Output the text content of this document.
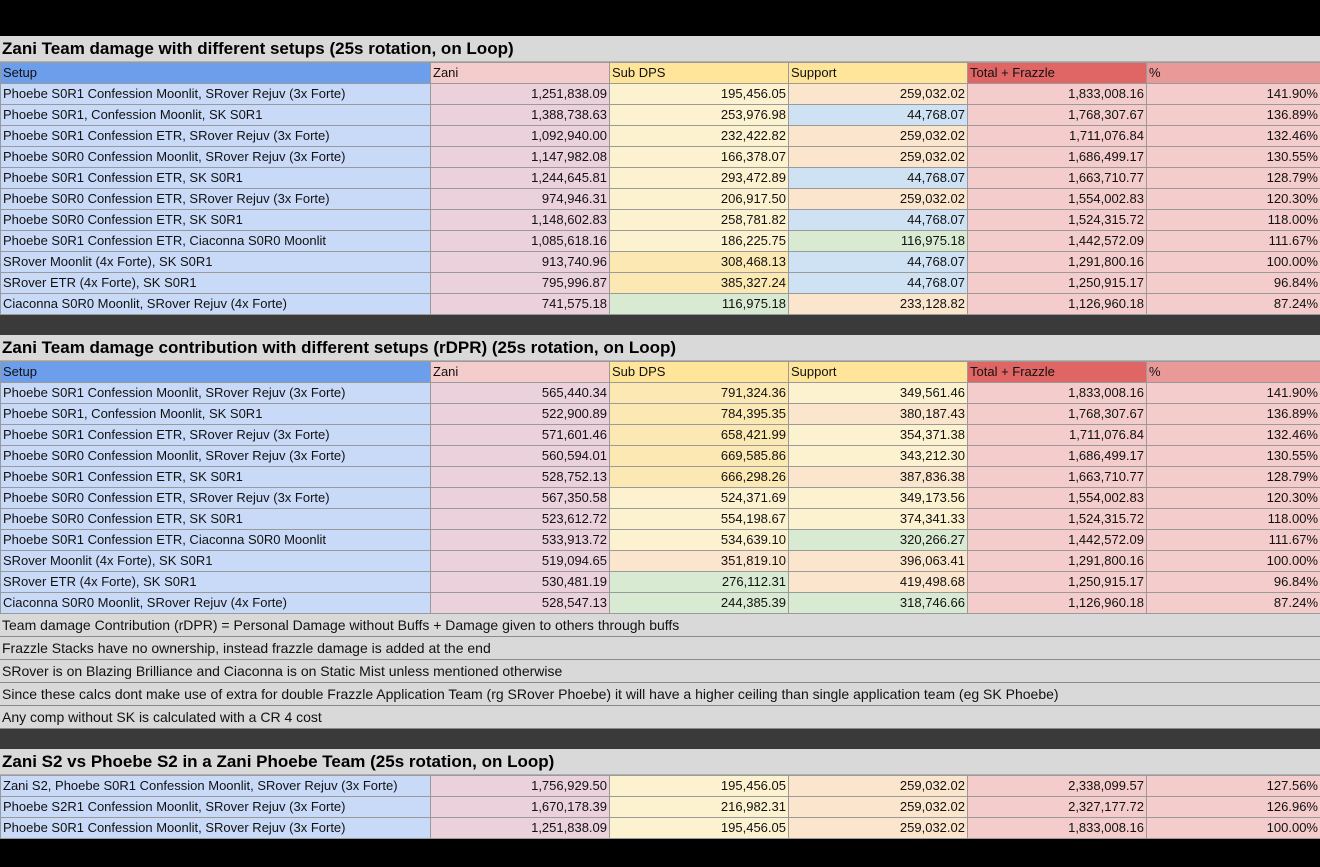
Zani Team damage with different setups (25s rotation, on Loop)
Setup	Zani	Sub DPS	Support	Total + Frazzle	%
Phoebe S0R1 Confession Moonlit, SRover Rejuv (3x Forte)	1,251,838.09	195,456.05	259,032.02	1,833,008.16	141.90%
Phoebe S0R1, Confession Moonlit, SK S0R1	1,388,738.63	253,976.98	44,768.07	1,768,307.67	136.89%
Phoebe S0R1 Confession ETR, SRover Rejuv (3x Forte)	1,092,940.00	232,422.82	259,032.02	1,711,076.84	132.46%
Phoebe S0R0 Confession Moonlit, SRover Rejuv (3x Forte)	1,147,982.08	166,378.07	259,032.02	1,686,499.17	130.55%
Phoebe S0R1 Confession ETR, SK S0R1	1,244,645.81	293,472.89	44,768.07	1,663,710.77	128.79%
Phoebe S0R0 Confession ETR, SRover Rejuv (3x Forte)	974,946.31	206,917.50	259,032.02	1,554,002.83	120.30%
Phoebe S0R0 Confession ETR, SK S0R1	1,148,602.83	258,781.82	44,768.07	1,524,315.72	118.00%
Phoebe S0R1 Confession ETR, Ciaconna S0R0 Moonlit	1,085,618.16	186,225.75	116,975.18	1,442,572.09	111.67%
SRover Moonlit (4x Forte), SK S0R1	913,740.96	308,468.13	44,768.07	1,291,800.16	100.00%
SRover ETR (4x Forte), SK S0R1	795,996.87	385,327.24	44,768.07	1,250,915.17	96.84%
Ciaconna S0R0 Moonlit, SRover Rejuv (4x Forte)	741,575.18	116,975.18	233,128.82	1,126,960.18	87.24%
Zani Team damage contribution with different setups (rDPR) (25s rotation, on Loop)
Setup	Zani	Sub DPS	Support	Total + Frazzle	%
Phoebe S0R1 Confession Moonlit, SRover Rejuv (3x Forte)	565,440.34	791,324.36	349,561.46	1,833,008.16	141.90%
Phoebe S0R1, Confession Moonlit, SK S0R1	522,900.89	784,395.35	380,187.43	1,768,307.67	136.89%
Phoebe S0R1 Confession ETR, SRover Rejuv (3x Forte)	571,601.46	658,421.99	354,371.38	1,711,076.84	132.46%
Phoebe S0R0 Confession Moonlit, SRover Rejuv (3x Forte)	560,594.01	669,585.86	343,212.30	1,686,499.17	130.55%
Phoebe S0R1 Confession ETR, SK S0R1	528,752.13	666,298.26	387,836.38	1,663,710.77	128.79%
Phoebe S0R0 Confession ETR, SRover Rejuv (3x Forte)	567,350.58	524,371.69	349,173.56	1,554,002.83	120.30%
Phoebe S0R0 Confession ETR, SK S0R1	523,612.72	554,198.67	374,341.33	1,524,315.72	118.00%
Phoebe S0R1 Confession ETR, Ciaconna S0R0 Moonlit	533,913.72	534,639.10	320,266.27	1,442,572.09	111.67%
SRover Moonlit (4x Forte), SK S0R1	519,094.65	351,819.10	396,063.41	1,291,800.16	100.00%
SRover ETR (4x Forte), SK S0R1	530,481.19	276,112.31	419,498.68	1,250,915.17	96.84%
Ciaconna S0R0 Moonlit, SRover Rejuv (4x Forte)	528,547.13	244,385.39	318,746.66	1,126,960.18	87.24%
Team damage Contribution (rDPR) = Personal Damage without Buffs + Damage given to others through buffs
Frazzle Stacks have no ownership, instead frazzle damage is added at the end
SRover is on Blazing Brilliance and Ciaconna is on Static Mist unless mentioned otherwise
Since these calcs dont make use of extra for double Frazzle Application Team (rg SRover Phoebe) it will have a higher ceiling than single application team (eg SK Phoebe)
Any comp without SK is calculated with a CR 4 cost
Zani S2 vs Phoebe S2 in a Zani Phoebe Team (25s rotation, on Loop)
Zani S2, Phoebe S0R1 Confession Moonlit, SRover Rejuv (3x Forte)	1,756,929.50	195,456.05	259,032.02	2,338,099.57	127.56%
Phoebe S2R1 Confession Moonlit, SRover Rejuv (3x Forte)	1,670,178.39	216,982.31	259,032.02	2,327,177.72	126.96%
Phoebe S0R1 Confession Moonlit, SRover Rejuv (3x Forte)	1,251,838.09	195,456.05	259,032.02	1,833,008.16	100.00%
